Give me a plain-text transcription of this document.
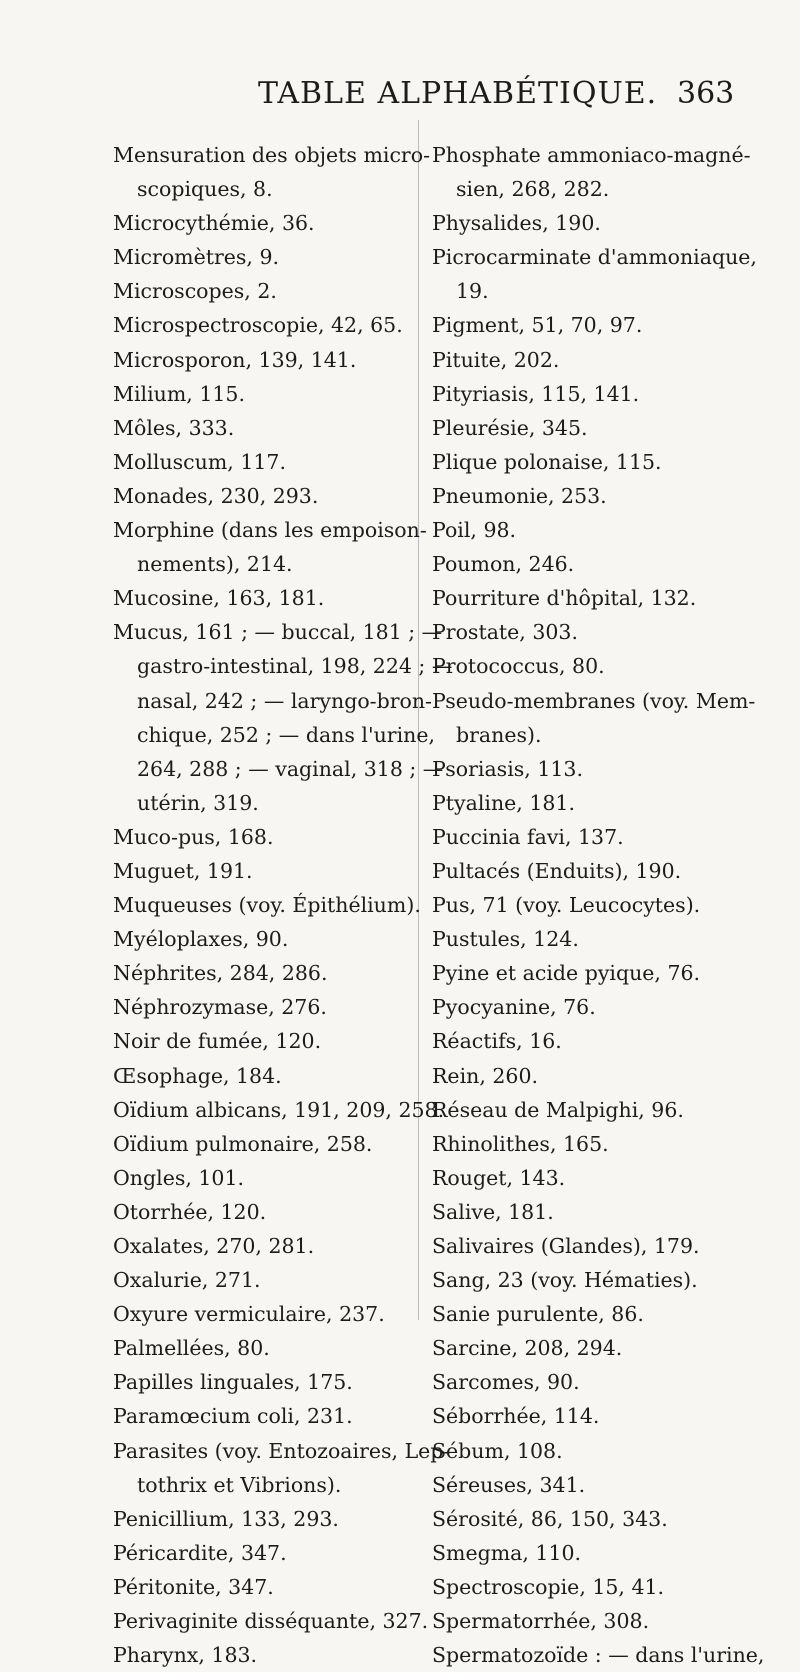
TABLE ALPHABÉTIQUE. 363
Mensuration des objets micro- scopiques, 8.
Microcythémie, 36.
Micromètres, 9.
Microscopes, 2.
Microspectroscopie, 42, 65.
Microsporon, 139, 141.
Milium, 115.
Môles, 333.
Molluscum, 117.
Monades, 230, 293.
Morphine (dans les empoison- nements), 214.
Mucosine, 163, 181.
Mucus, 161 ; — buccal, 181 ; — gastro-intestinal, 198, 224 ; — nasal, 242 ; — laryngo-bron- chique, 252 ; — dans l'urine, 264, 288 ; — vaginal, 318 ; — utérin, 319.
Muco-pus, 168.
Muguet, 191.
Muqueuses (voy. Épithélium).
Myéloplaxes, 90.
Néphrites, 284, 286.
Néphrozymase, 276.
Noir de fumée, 120.
Œsophage, 184.
Oïdium albicans, 191, 209, 258.
Oïdium pulmonaire, 258.
Ongles, 101.
Otorrhée, 120.
Oxalates, 270, 281.
Oxalurie, 271.
Oxyure vermiculaire, 237.
Palmellées, 80.
Papilles linguales, 175.
Paramœcium coli, 231.
Parasites (voy. Entozoaires, Lep- tothrix et Vibrions).
Penicillium, 133, 293.
Péricardite, 347.
Péritonite, 347.
Perivaginite disséquante, 327.
Pharynx, 183.
Phosphate ammoniaco-magné- sien, 268, 282.
Physalides, 190.
Picrocarminate d'ammoniaque, 19.
Pigment, 51, 70, 97.
Pituite, 202.
Pityriasis, 115, 141.
Pleurésie, 345.
Plique polonaise, 115.
Pneumonie, 253.
Poil, 98.
Poumon, 246.
Pourriture d'hôpital, 132.
Prostate, 303.
Protococcus, 80.
Pseudo-membranes (voy. Mem- branes).
Psoriasis, 113.
Ptyaline, 181.
Puccinia favi, 137.
Pultacés (Enduits), 190.
Pus, 71 (voy. Leucocytes).
Pustules, 124.
Pyine et acide pyique, 76.
Pyocyanine, 76.
Réactifs, 16.
Rein, 260.
Réseau de Malpighi, 96.
Rhinolithes, 165.
Rouget, 143.
Salive, 181.
Salivaires (Glandes), 179.
Sang, 23 (voy. Hématies).
Sanie purulente, 86.
Sarcine, 208, 294.
Sarcomes, 90.
Séborrhée, 114.
Sébum, 108.
Séreuses, 341.
Sérosité, 86, 150, 343.
Smegma, 110.
Spectroscopie, 15, 41.
Spermatorrhée, 308.
Spermatozoïde : — dans l'urine,
